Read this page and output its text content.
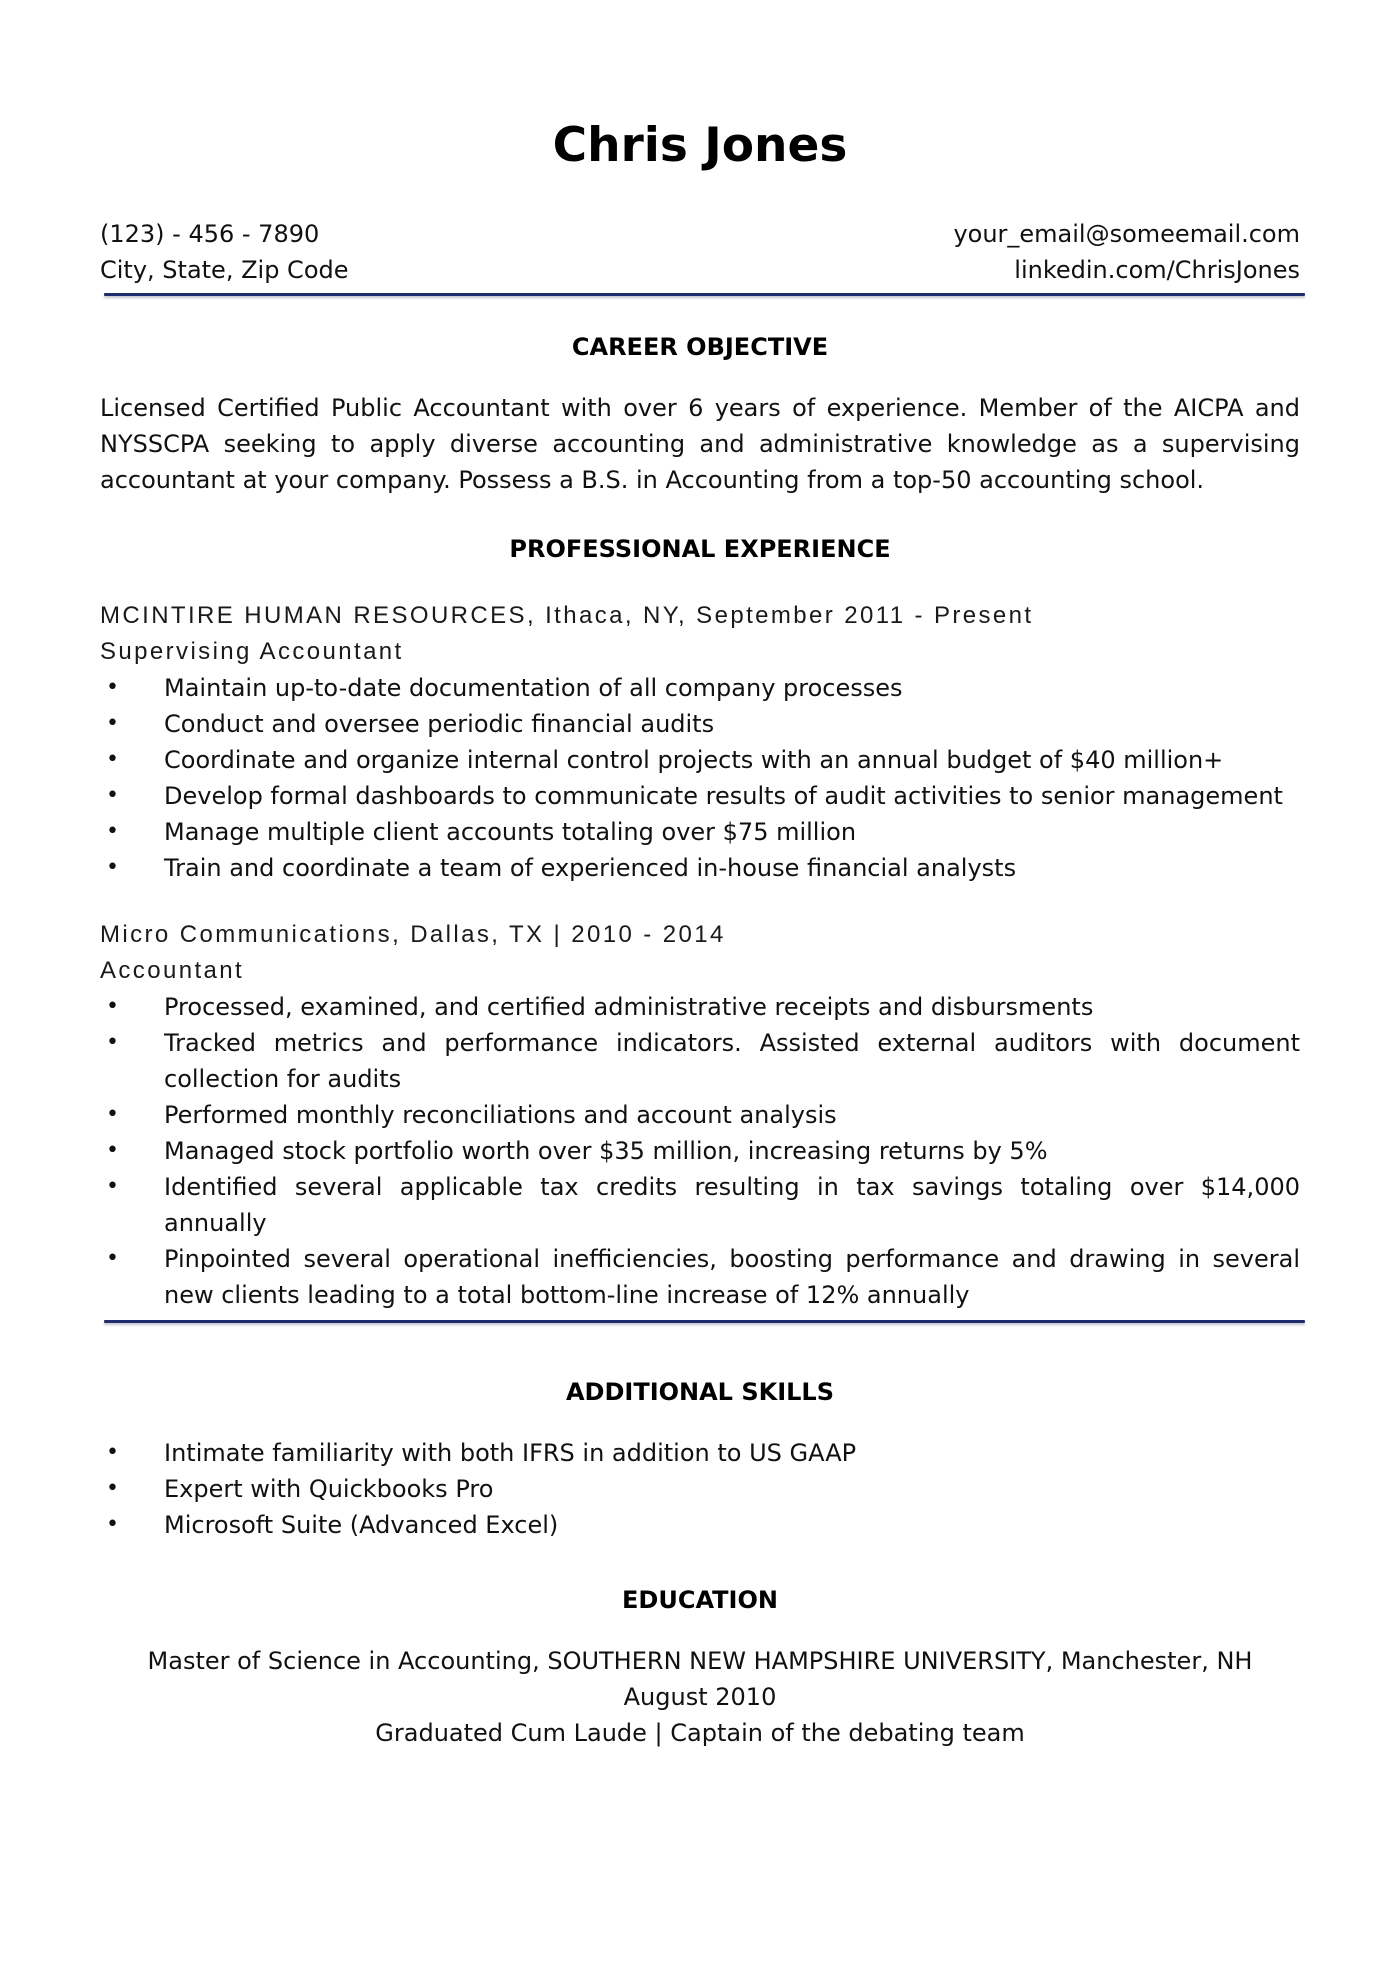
Chris Jones
(123) - 456 - 7890	your_email@someemail.com
City, State, Zip Code	linkedin.com/ChrisJones
CAREER OBJECTIVE
Licensed Certified Public Accountant with over 6 years of experience. Member of the AICPA and NYSSCPA seeking to apply diverse accounting and administrative knowledge as a supervising accountant at your company. Possess a B.S. in Accounting from a top-50 accounting school.
PROFESSIONAL EXPERIENCE
MCINTIRE HUMAN RESOURCES, Ithaca, NY, September 2011 - Present
Supervising Accountant
• Maintain up-to-date documentation of all company processes
• Conduct and oversee periodic financial audits
• Coordinate and organize internal control projects with an annual budget of $40 million+
• Develop formal dashboards to communicate results of audit activities to senior management
• Manage multiple client accounts totaling over $75 million
• Train and coordinate a team of experienced in-house financial analysts
Micro Communications, Dallas, TX | 2010 - 2014
Accountant
• Processed, examined, and certified administrative receipts and disbursments
• Tracked metrics and performance indicators. Assisted external auditors with document collection for audits
• Performed monthly reconciliations and account analysis
• Managed stock portfolio worth over $35 million, increasing returns by 5%
• Identified several applicable tax credits resulting in tax savings totaling over $14,000 annually
• Pinpointed several operational inefficiencies, boosting performance and drawing in several new clients leading to a total bottom-line increase of 12% annually
ADDITIONAL SKILLS
• Intimate familiarity with both IFRS in addition to US GAAP
• Expert with Quickbooks Pro
• Microsoft Suite (Advanced Excel)
EDUCATION
Master of Science in Accounting, SOUTHERN NEW HAMPSHIRE UNIVERSITY, Manchester, NH
August 2010
Graduated Cum Laude | Captain of the debating team
